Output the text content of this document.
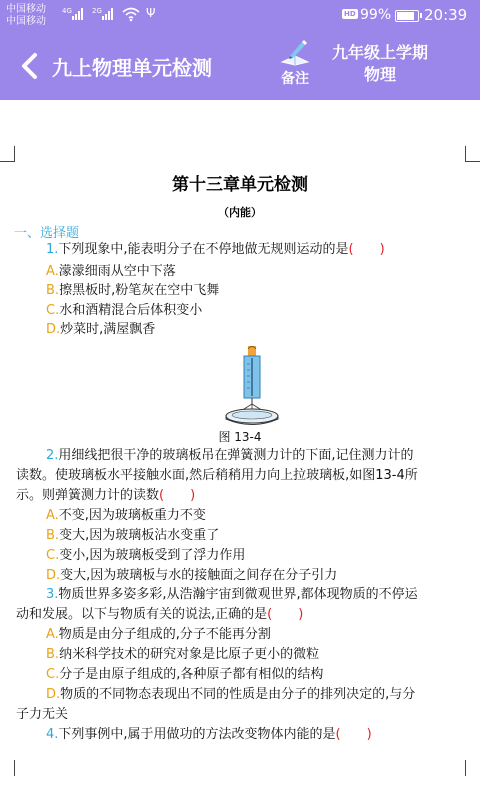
中国移动
中国移动
4G	2G	Ψ	HD 99% 20:39
九上物理单元检测	备注
九年级上学期
物理
第十三章单元检测
（内能）
一、选择题
1.下列现象中,能表明分子在不停地做无规则运动的是(　　)
A.濛濛细雨从空中下落
B.擦黑板时,粉笔灰在空中飞舞
C.水和酒精混合后体积变小
D.炒菜时,满屋飘香
图 13-4
2.用细线把很干净的玻璃板吊在弹簧测力计的下面,记住测力计的
读数。使玻璃板水平接触水面,然后稍稍用力向上拉玻璃板,如图13-4所
示。则弹簧测力计的读数(　　)
A.不变,因为玻璃板重力不变
B.变大,因为玻璃板沾水变重了
C.变小,因为玻璃板受到了浮力作用
D.变大,因为玻璃板与水的接触面之间存在分子引力
3.物质世界多姿多彩,从浩瀚宇宙到微观世界,都体现物质的不停运
动和发展。以下与物质有关的说法,正确的是(　　)
A.物质是由分子组成的,分子不能再分割
B.纳米科学技术的研究对象是比原子更小的微粒
C.分子是由原子组成的,各种原子都有相似的结构
D.物质的不同物态表现出不同的性质是由分子的排列决定的,与分
子力无关
4.下列事例中,属于用做功的方法改变物体内能的是(　　)
